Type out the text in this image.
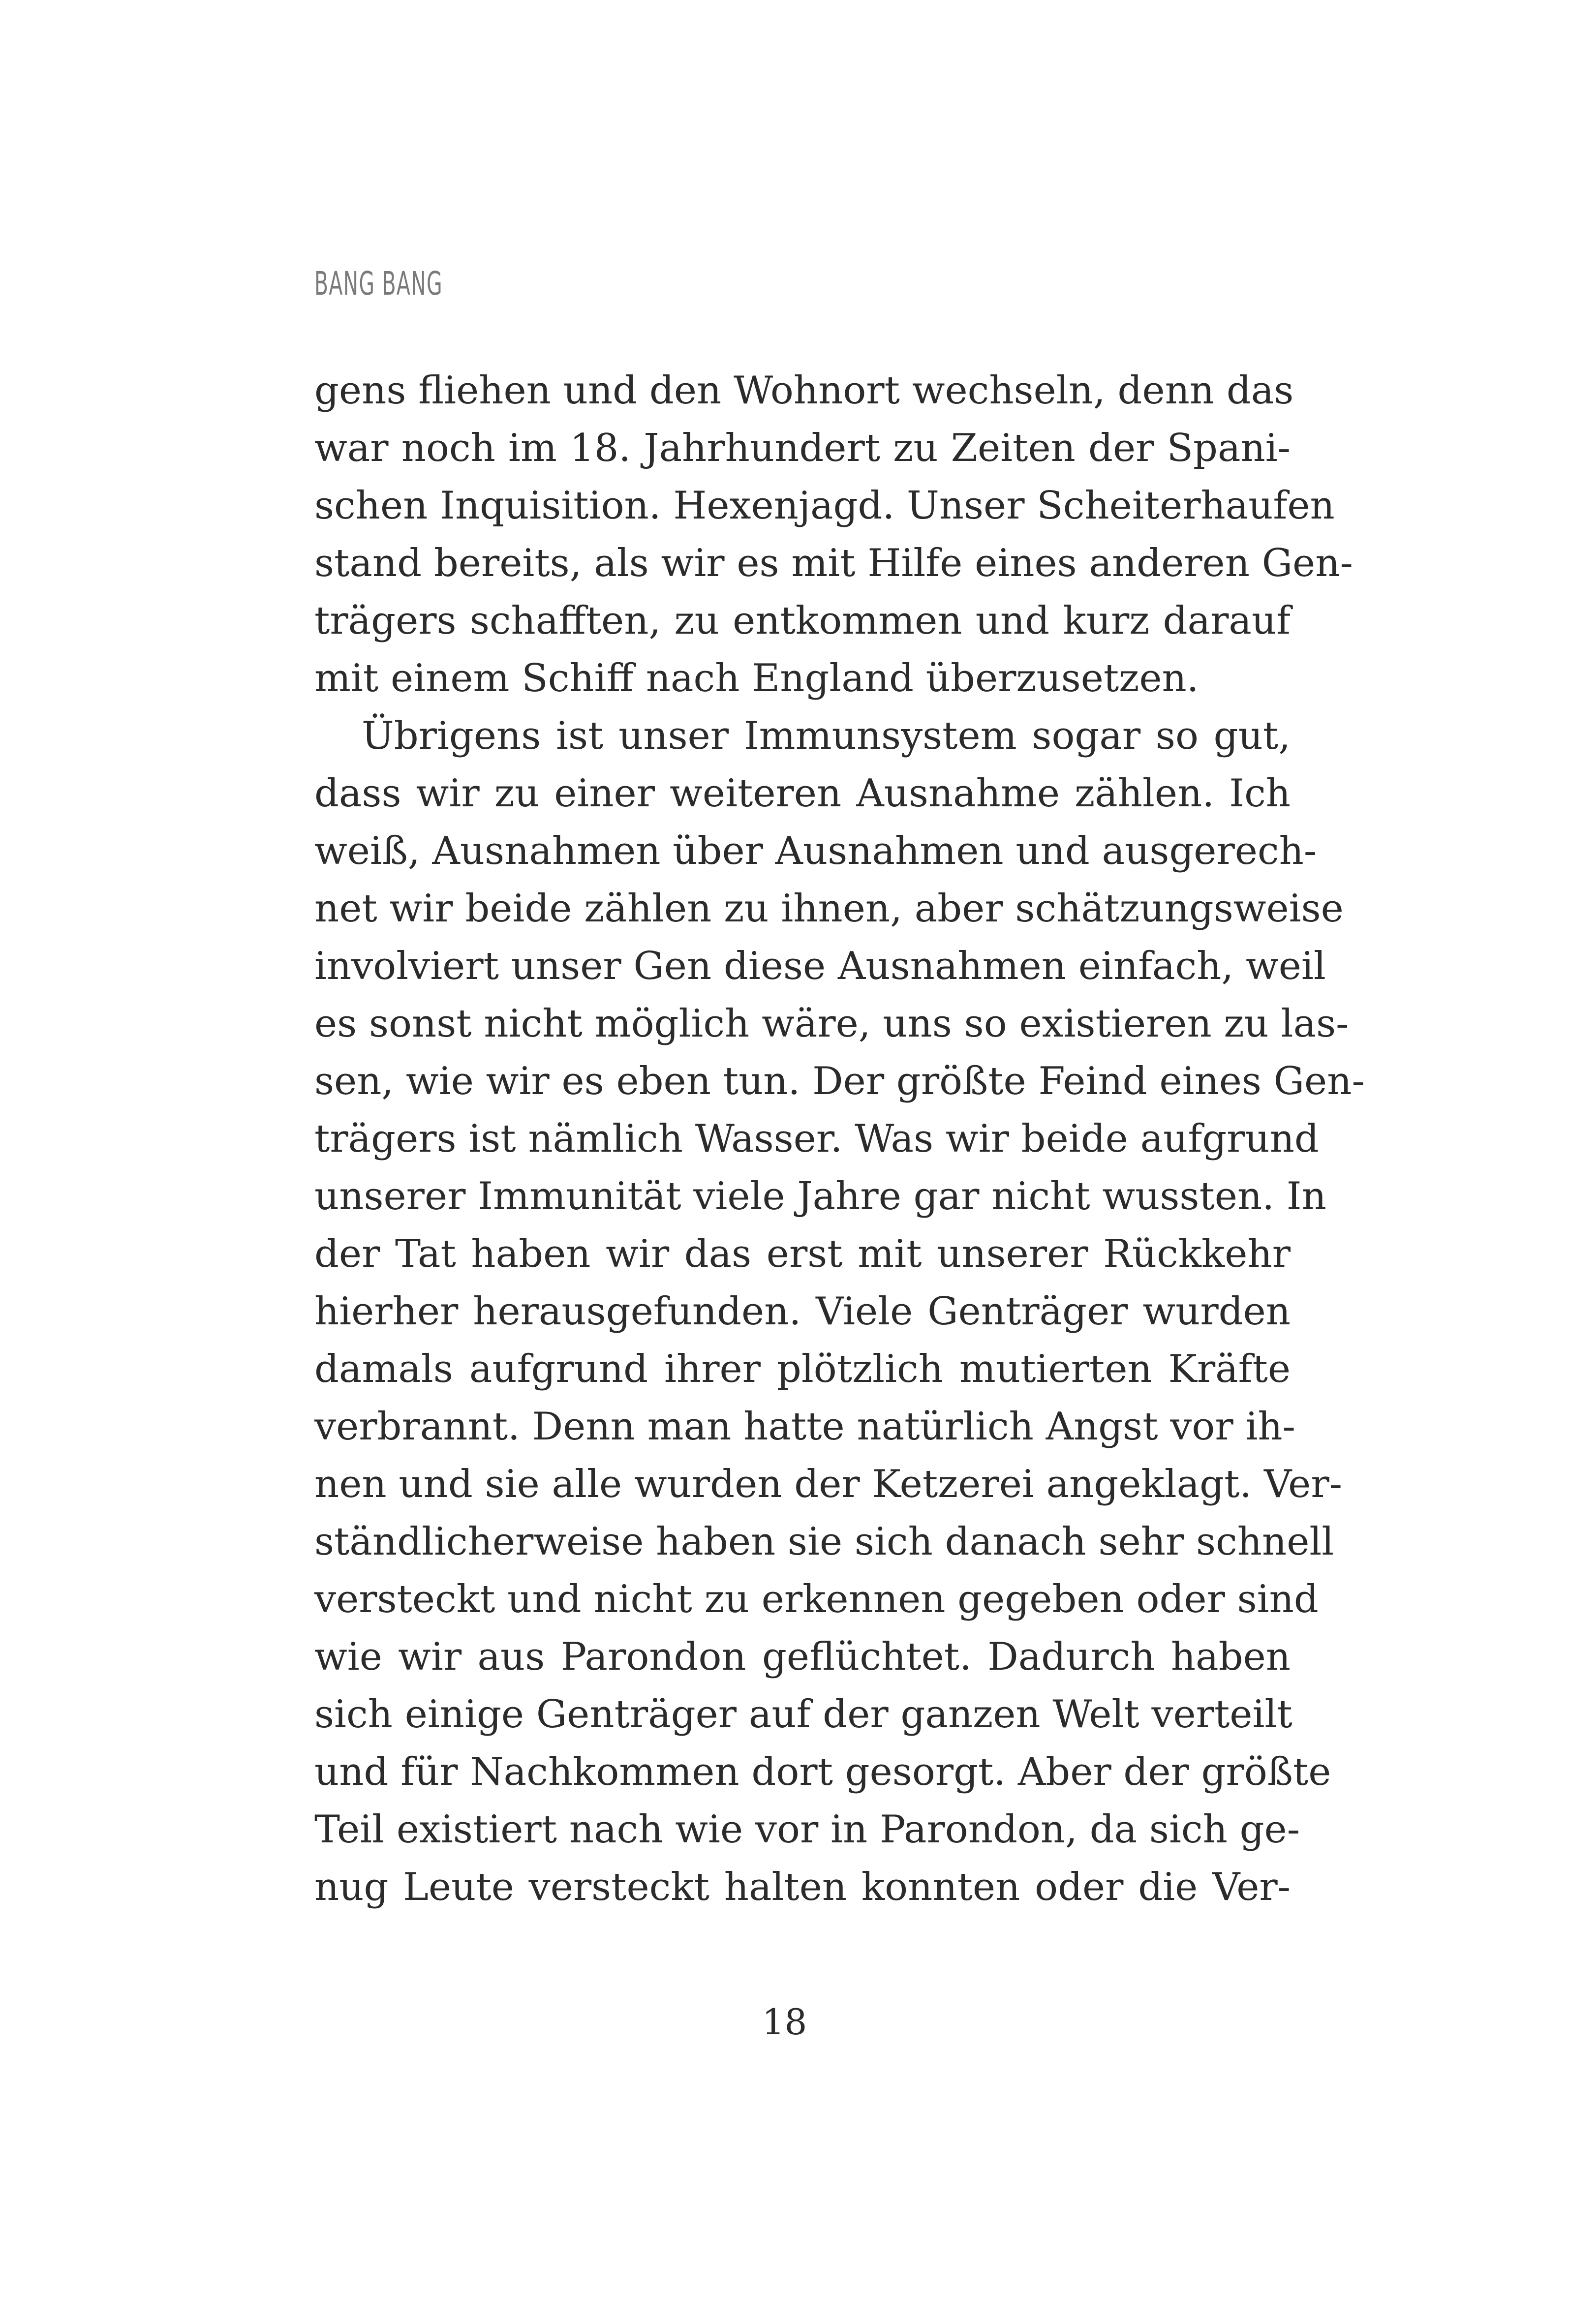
BANG BANG
gens fliehen und den Wohnort wechseln, denn das
war noch im 18. Jahrhundert zu Zeiten der Spani-
schen Inquisition. Hexenjagd. Unser Scheiterhaufen
stand bereits, als wir es mit Hilfe eines anderen Gen-
trägers schafften, zu entkommen und kurz darauf
mit einem Schiff nach England überzusetzen.
Übrigens ist unser Immunsystem sogar so gut,
dass wir zu einer weiteren Ausnahme zählen. Ich
weiß, Ausnahmen über Ausnahmen und ausgerech-
net wir beide zählen zu ihnen, aber schätzungsweise
involviert unser Gen diese Ausnahmen einfach, weil
es sonst nicht möglich wäre, uns so existieren zu las-
sen, wie wir es eben tun. Der größte Feind eines Gen-
trägers ist nämlich Wasser. Was wir beide aufgrund
unserer Immunität viele Jahre gar nicht wussten. In
der Tat haben wir das erst mit unserer Rückkehr
hierher herausgefunden. Viele Genträger wurden
damals aufgrund ihrer plötzlich mutierten Kräfte
verbrannt. Denn man hatte natürlich Angst vor ih-
nen und sie alle wurden der Ketzerei angeklagt. Ver-
ständlicherweise haben sie sich danach sehr schnell
versteckt und nicht zu erkennen gegeben oder sind
wie wir aus Parondon geflüchtet. Dadurch haben
sich einige Genträger auf der ganzen Welt verteilt
und für Nachkommen dort gesorgt. Aber der größte
Teil existiert nach wie vor in Parondon, da sich ge-
nug Leute versteckt halten konnten oder die Ver-
18
